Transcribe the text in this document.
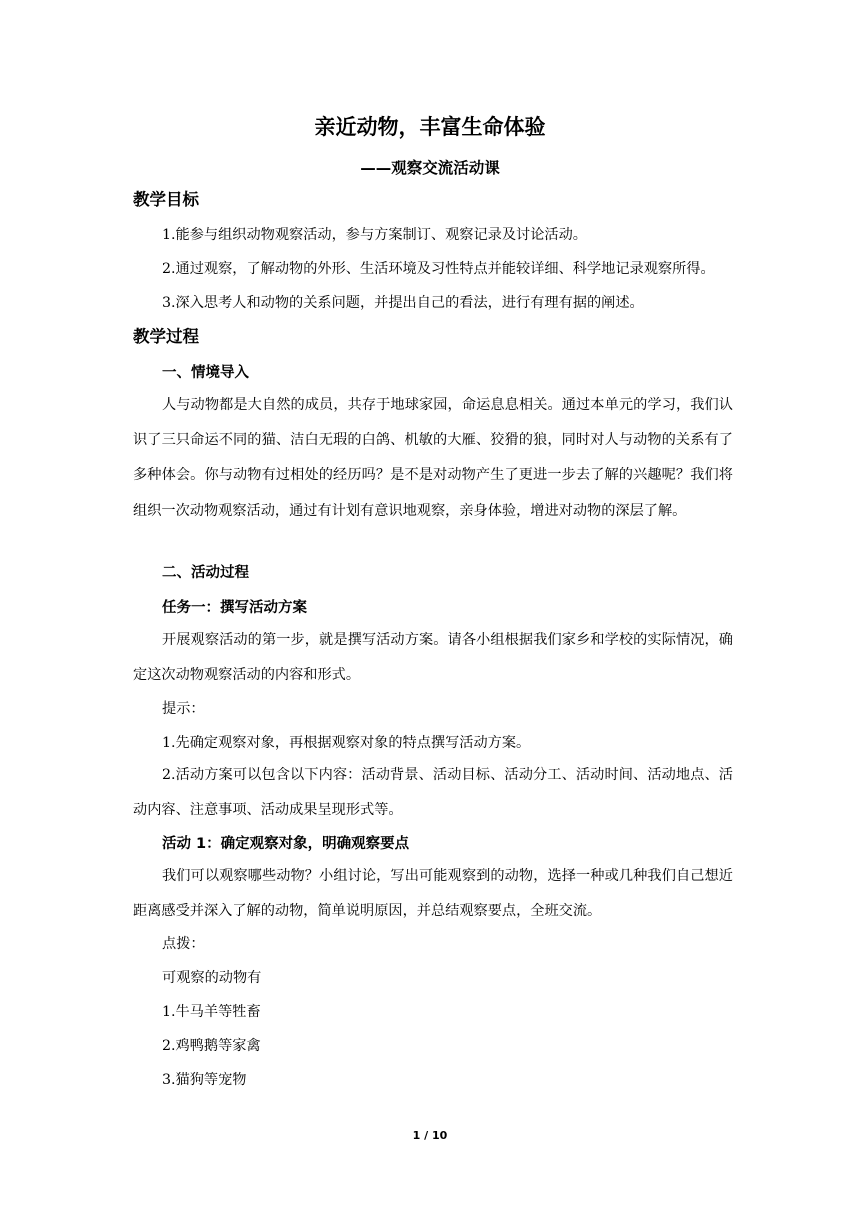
亲近动物，丰富生命体验
——观察交流活动课
教学目标
1.能参与组织动物观察活动，参与方案制订、观察记录及讨论活动。
2.通过观察，了解动物的外形、生活环境及习性特点并能较详细、科学地记录观察所得。
3.深入思考人和动物的关系问题，并提出自己的看法，进行有理有据的阐述。
教学过程
一、情境导入
人与动物都是大自然的成员，共存于地球家园，命运息息相关。通过本单元的学习，我们认识了三只命运不同的猫、洁白无瑕的白鸽、机敏的大雁、狡猾的狼，同时对人与动物的关系有了多种体会。你与动物有过相处的经历吗？是不是对动物产生了更进一步去了解的兴趣呢？我们将组织一次动物观察活动，通过有计划有意识地观察，亲身体验，增进对动物的深层了解。
二、活动过程
任务一：撰写活动方案
开展观察活动的第一步，就是撰写活动方案。请各小组根据我们家乡和学校的实际情况，确定这次动物观察活动的内容和形式。
提示：
1.先确定观察对象，再根据观察对象的特点撰写活动方案。
2.活动方案可以包含以下内容：活动背景、活动目标、活动分工、活动时间、活动地点、活动内容、注意事项、活动成果呈现形式等。
活动 1：确定观察对象，明确观察要点
我们可以观察哪些动物？小组讨论，写出可能观察到的动物，选择一种或几种我们自己想近距离感受并深入了解的动物，简单说明原因，并总结观察要点，全班交流。
点拨：
可观察的动物有
1.牛马羊等牲畜
2.鸡鸭鹅等家禽
3.猫狗等宠物
1 / 10
